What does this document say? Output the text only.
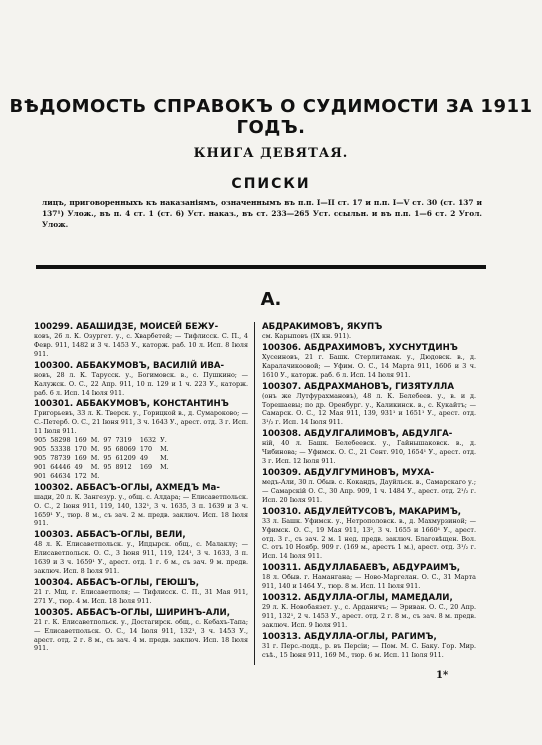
ВѢДОМОСТЬ СПРАВОКЪ О СУДИМОСТИ ЗА 1911 ГОДЪ.
КНИГА ДЕВЯТАЯ.
СПИСКИ
лицъ, приговоренныхъ къ наказаніямъ, означеннымъ въ п.п. I—II ст. 17 и п.п. I—V ст. 30 (ст. 137 и 137¹) Улож., въ п. 4 ст. 1 (ст. 6) Уст. наказ., въ ст. 233—265 Уст. ссыльн. и въ п.п. 1—6 ст. 2 Угол. Улож.
А.
100299. АБАШИДЗЕ, МОИСЕЙ БЕЖУ-
ковъ, 26 л. К. Озургет. у., с. Хварбетей; — Тифлисск. С. П., 4 Февр. 911, 1482 и 3 ч. 1453 У., каторж. раб. 10 л. Исп. 8 Іюля 911.
100300. АББАКУМОВЪ, ВАСИЛІЙ ИВА-
новъ, 28 л. К. Тарусск. у., Богимовск. в., с. Пушкино; — Калужск. О. С., 22 Апр. 911, 10 п. 129 и 1 ч. 223 У., каторж. раб. 6 л. Исп. 14 Іюля 911.
100301. АББАКУМОВЪ, КОНСТАНТИНЪ
Григорьевъ, 33 л. К. Тверск. у., Горицкой в., д. Сумароково; — С.-Петерб. О. С., 21 Іюня 911, 3 ч. 1643 У., арест. отд. 3 г. Исп. 11 Іюля 911.
905	58298	169	М.	97	7319	1632	У.
905	53338	170	М.	95	68069	170	М.
905	78739	169	М.	95	61209	49	М.
901	64446	49	М.	95	8912	169	М.
901	64634	172	М.				
100302. АББАСЪ-ОГЛЫ, АХМЕДЪ Ма-
шади, 20 л. К. Зангезур. у., общ. с. Алдара; — Елисаветпольск. О. С., 2 Іюня 911, 119, 140, 132¹, 3 ч. 1635, 3 п. 1639 и 3 ч. 1659¹ У., тюр. 8 м., съ зач. 2 м. предв. заключ. Исп. 18 Іюля 911.
100303. АББАСЪ-ОГЛЫ, ВЕЛИ,
48 л. К. Елисаветпольск. у., Ипдырск. общ., с. Малаклу; — Елисаветпольск. О. С., 3 Іюня 911, 119, 124¹, 3 ч. 1633, 3 п. 1639 и 3 ч. 1659¹ У., арест. отд. 1 г. 6 м., съ зач. 9 м. предв. заключ. Исп. 8 Іюля 911.
100304. АББАСЪ-ОГЛЫ, ГЕЮШЪ,
21 г. Мщ. г. Елисаветполя; — Тифлисск. С. П., 31 Мая 911, 271 У., тюр. 4 м. Исп. 18 Іюля 911.
100305. АББАСЪ-ОГЛЫ, ШИРИНЪ-АЛИ,
21 г. К. Елисаветпольск. у., Достагирск. общ., с. Кебахъ-Тапа; — Елисаветпольск. О. С., 14 Іюля 911, 132¹, 3 ч. 1453 У., арест. отд. 2 г. 8 м., съ зач. 4 м. предв. заключ. Исп. 18 Іюля 911.
АБДРАКИМОВЪ, ЯКУПЪ
см. Карыповъ (IX кн. 911).
100306. АБДРАХИМОВЪ, ХУСНУТДИНЪ
Хусеиновъ, 21 г. Башк. Стерлитамак. у., Дюдовск. в., д. Каралачикоовой; — Уфим. О. С., 14 Марта 911, 1606 и 3 ч. 1610 У., каторж. раб. 6 л. Исп. 14 Іюля 911.
100307. АБДРАХМАНОВЪ, ГИЗЯТУЛЛА
(онъ же Лутфурахмановъ), 48 л. К. Белебеев. у., в. и д. Торешаевы; по др. Оренбург. у., Каликинск. в., с. Кукайтъ; — Самарск. О. С., 12 Мая 911, 139, 931¹ и 1651¹ У., арест. отд. 3¹/₂ г. Исп. 14 Іюля 911.
100308. АБДУЛГАЛИМОВЪ, АБДУЛГА-
ній, 40 л. Башк. Белебеевск. у., Гайнышаковск. в., д. Чибинова; — Уфимск. О. С., 21 Сент. 910, 1654¹ У., арест. отд. 3 г. Исп. 12 Іюля 911.
100309. АБДУЛГУМИНОВЪ, МУХА-
медъ-Али, 30 л. Обыв. с. Кокандъ, Дауйльск. в., Самарскаго у.; — Самарскій О. С., 30 Апр. 909, 1 ч. 1484 У., арест. отд. 2¹/₂ г. Исп. 20 Іюля 911.
100310. АБДУЛЕЙТУСОВЪ, МАКАРИМЪ,
33 л. Башк. Уфимск. у., Нетрополовск. в., д. Махмурзиной; — Уфимск. О. С., 19 Мая 911, 13², 3 ч. 1655 и 1660¹ У., арест. отд. 3 г., съ зач. 2 м. 1 нед. предв. заключ. Благовѣщен. Вол. С. отъ 10 Ноябр. 909 г. (169 м., арестъ 1 м.), арест. отд. 3¹/₂ г. Исп. 14 Іюля 911.
100311. АБДУЛЛАБАЕВЪ, АБДУРАИМЪ,
18 л. Обыв. г. Намангана; — Ново-Маргелан. О. С., 31 Марта 911, 140 и 1464 У., тюр. 8 м. Исп. 11 Іюля 911.
100312. АБДУЛЛА-ОГЛЫ, МАМЕДАЛИ,
29 л. К. Новобаязет. у., с. Арданичъ; — Эриван. О. С., 20 Апр. 911, 132¹, 2 ч. 1453 У., арест. отд. 2 г. 8 м., съ зач. 8 м. предв. заключ. Исп. 9 Іюля 911.
100313. АБДУЛЛА-ОГЛЫ, РАГИМЪ,
31 г. Перс.-подд., р. въ Персіи; — Пом. М. С. Баку. Гор. Мир. съѣ., 15 Іюня 911, 169 М., тюр. 6 м. Исп. 11 Іюля 911.
1*
